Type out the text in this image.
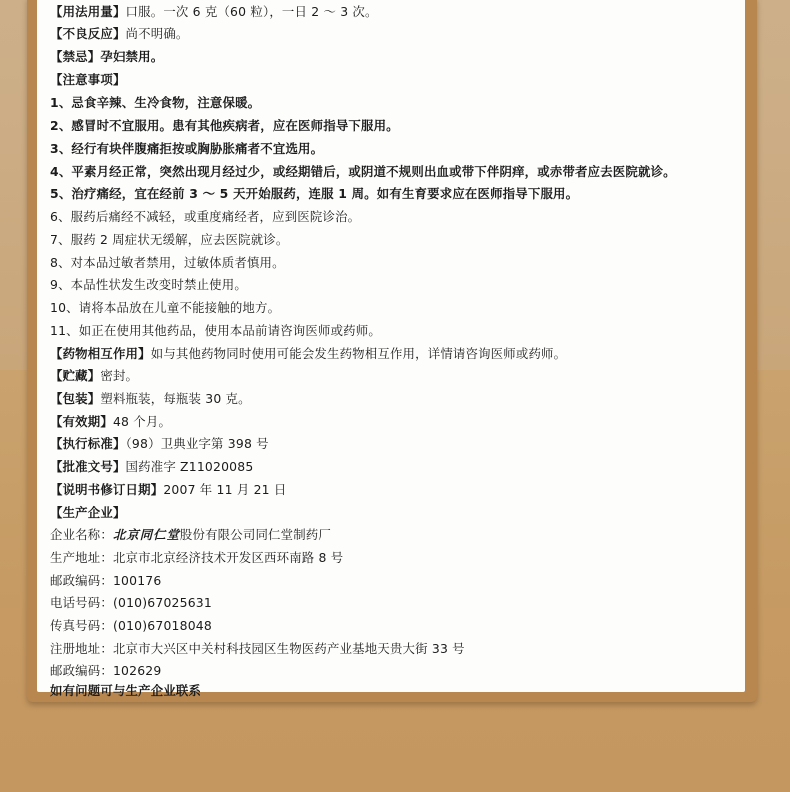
【用法用量】口服。一次 6 克（60 粒），一日 2 ～ 3 次。
【不良反应】尚不明确。
【禁忌】孕妇禁用。
【注意事项】
1、忌食辛辣、生冷食物，注意保暖。
2、感冒时不宜服用。患有其他疾病者，应在医师指导下服用。
3、经行有块伴腹痛拒按或胸胁胀痛者不宜选用。
4、平素月经正常，突然出现月经过少，或经期错后，或阴道不规则出血或带下伴阴痒，或赤带者应去医院就诊。
5、治疗痛经，宜在经前 3 ～ 5 天开始服药，连服 1 周。如有生育要求应在医师指导下服用。
6、服药后痛经不减轻，或重度痛经者，应到医院诊治。
7、服药 2 周症状无缓解，应去医院就诊。
8、对本品过敏者禁用，过敏体质者慎用。
9、本品性状发生改变时禁止使用。
10、请将本品放在儿童不能接触的地方。
11、如正在使用其他药品，使用本品前请咨询医师或药师。
【药物相互作用】如与其他药物同时使用可能会发生药物相互作用，详情请咨询医师或药师。
【贮藏】密封。
【包装】塑料瓶装，每瓶装 30 克。
【有效期】48 个月。
【执行标准】（98）卫典业字第 398 号
【批准文号】国药准字 Z11020085
【说明书修订日期】2007 年 11 月 21 日
【生产企业】
企业名称：北京同仁堂股份有限公司同仁堂制药厂
生产地址：北京市北京经济技术开发区西环南路 8 号
邮政编码：100176
电话号码：(010)67025631
传真号码：(010)67018048
注册地址：北京市大兴区中关村科技园区生物医药产业基地天贵大街 33 号
邮政编码：102629
如有问题可与生产企业联系
